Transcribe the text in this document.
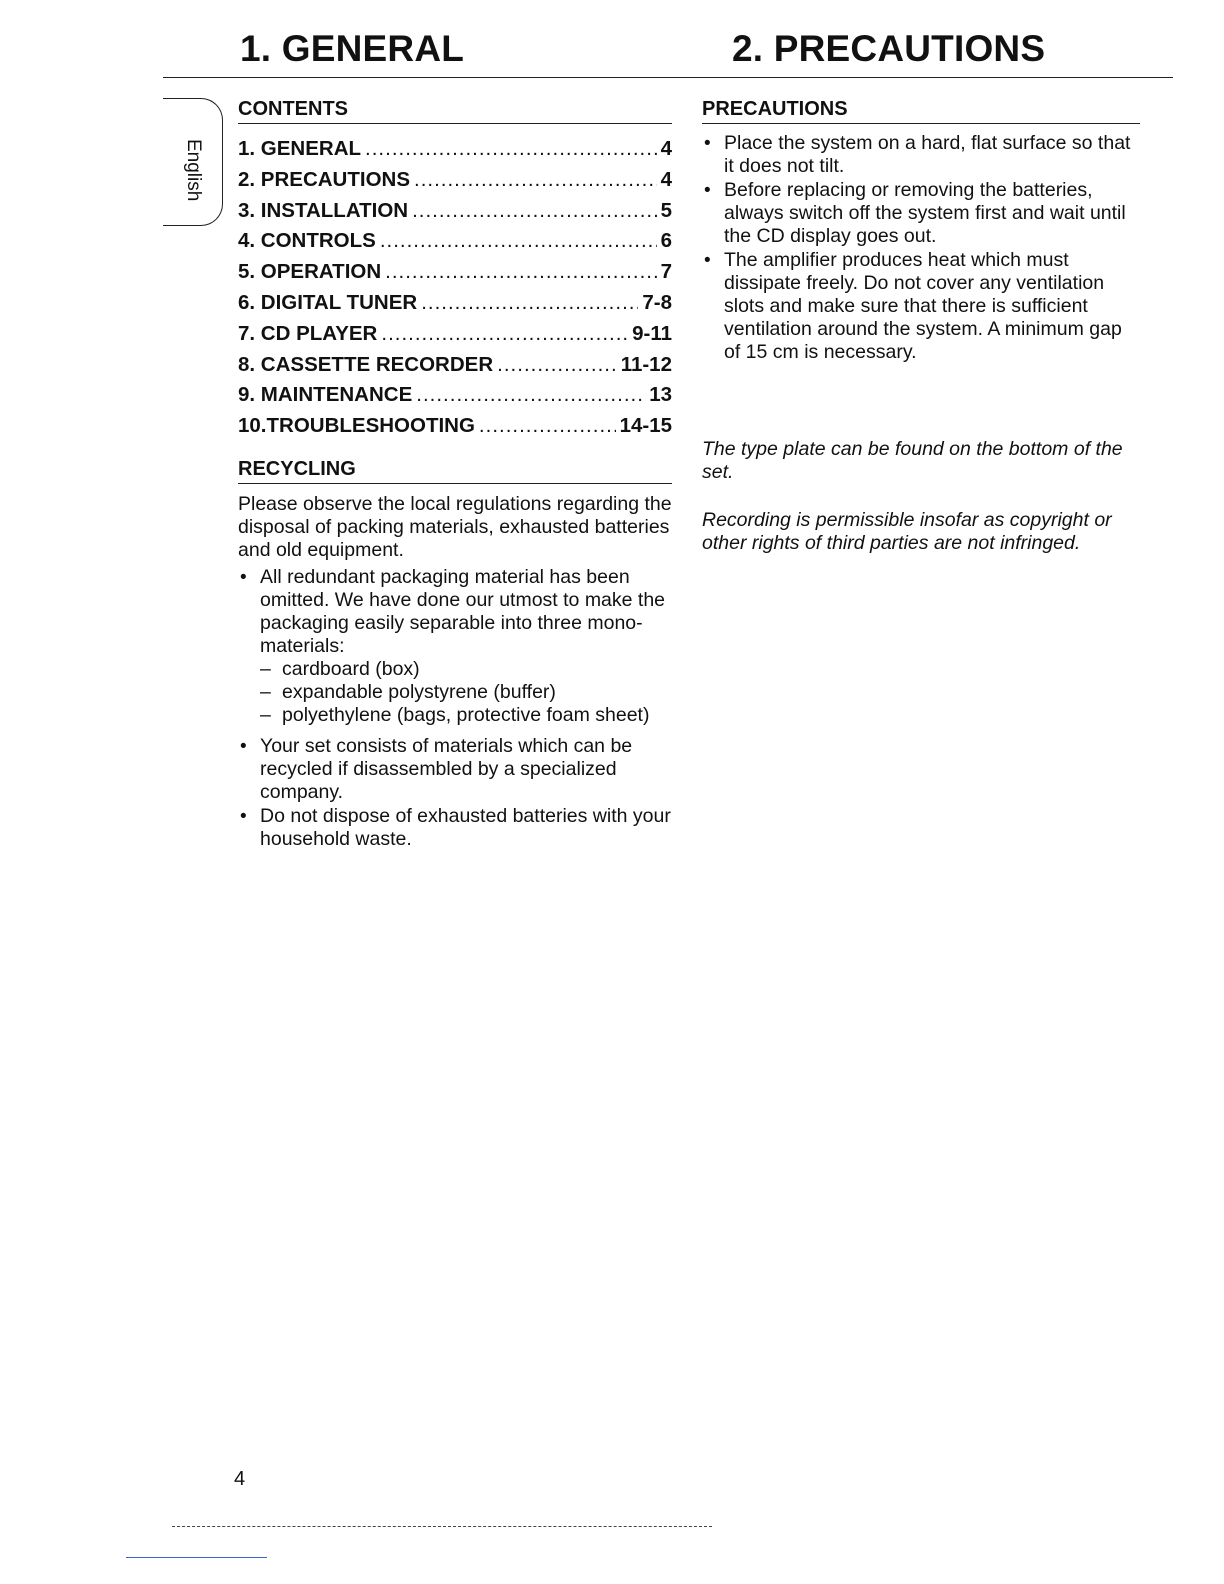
1. GENERAL	2. PRECAUTIONS
English
CONTENTS
1. GENERAL .....	4
2. PRECAUTIONS .....	4
3. INSTALLATION .....	5
4. CONTROLS .....	6
5. OPERATION .....	7
6. DIGITAL TUNER .....	7-8
7. CD PLAYER .....	9-11
8. CASSETTE RECORDER .....	11-12
9. MAINTENANCE .....	13
10.TROUBLESHOOTING .....	14-15
RECYCLING

Please observe the local regulations regarding the disposal of packing materials, exhausted batteries and old equipment.

• All redundant packaging material has been omitted. We have done our utmost to make the packaging easily separable into three mono-materials:
– cardboard (box)
– expandable polystyrene (buffer)
– polyethylene (bags, protective foam sheet)
• Your set consists of materials which can be recycled if disassembled by a specialized company.
• Do not dispose of exhausted batteries with your household waste.
PRECAUTIONS
• Place the system on a hard, flat surface so that it does not tilt.
• Before replacing or removing the batteries, always switch off the system first and wait until the CD display goes out.
• The amplifier produces heat which must dissipate freely. Do not cover any ventilation slots and make sure that there is sufficient ventilation around the system. A minimum gap of 15 cm is necessary.

The type plate can be found on the bottom of the set.

Recording is permissible insofar as copyright or other rights of third parties are not infringed.

4
